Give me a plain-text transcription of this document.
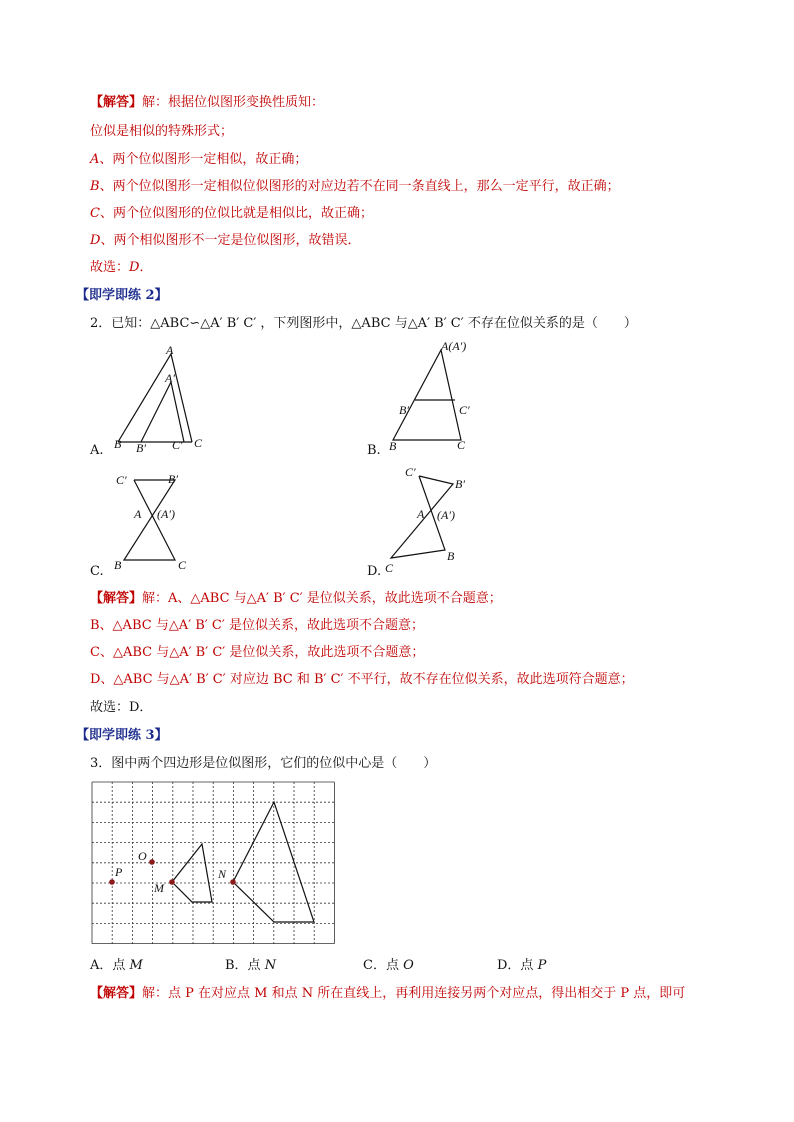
【解答】解：根据位似图形变换性质知：
位似是相似的特殊形式；
A、两个位似图形一定相似，故正确；
B、两个位似图形一定相似位似图形的对应边若不在同一条直线上，那么一定平行，故正确；
C、两个位似图形的位似比就是相似比，故正确；
D、两个相似图形不一定是位似图形，故错误．
故选：D．
【即学即练 2】
2．已知：△ABC∽△A′ B′ C′ ，下列图形中，△ABC 与△A′ B′ C′ 不存在位似关系的是（　　）
A
A′
B B′ C′ C
A.
A(A′)
B′	C′
B	C
B.
C′	B′
A (A′)
B	C
C.
C′
B′
A (A′)
B
C
D.
【解答】解：A、△ABC 与△A′ B′ C′ 是位似关系，故此选项不合题意；
B、△ABC 与△A′ B′ C′ 是位似关系，故此选项不合题意；
C、△ABC 与△A′ B′ C′ 是位似关系，故此选项不合题意；
D、△ABC 与△A′ B′ C′ 对应边 BC 和 B′ C′ 不平行，故不存在位似关系，故此选项符合题意；
故选：D．
【即学即练 3】
3．图中两个四边形是位似图形，它们的位似中心是（　　）
O
P
M
N
A．点 M	B．点 N	C．点 O	D．点 P
【解答】解：点 P 在对应点 M 和点 N 所在直线上，再利用连接另两个对应点，得出相交于 P 点，即可
